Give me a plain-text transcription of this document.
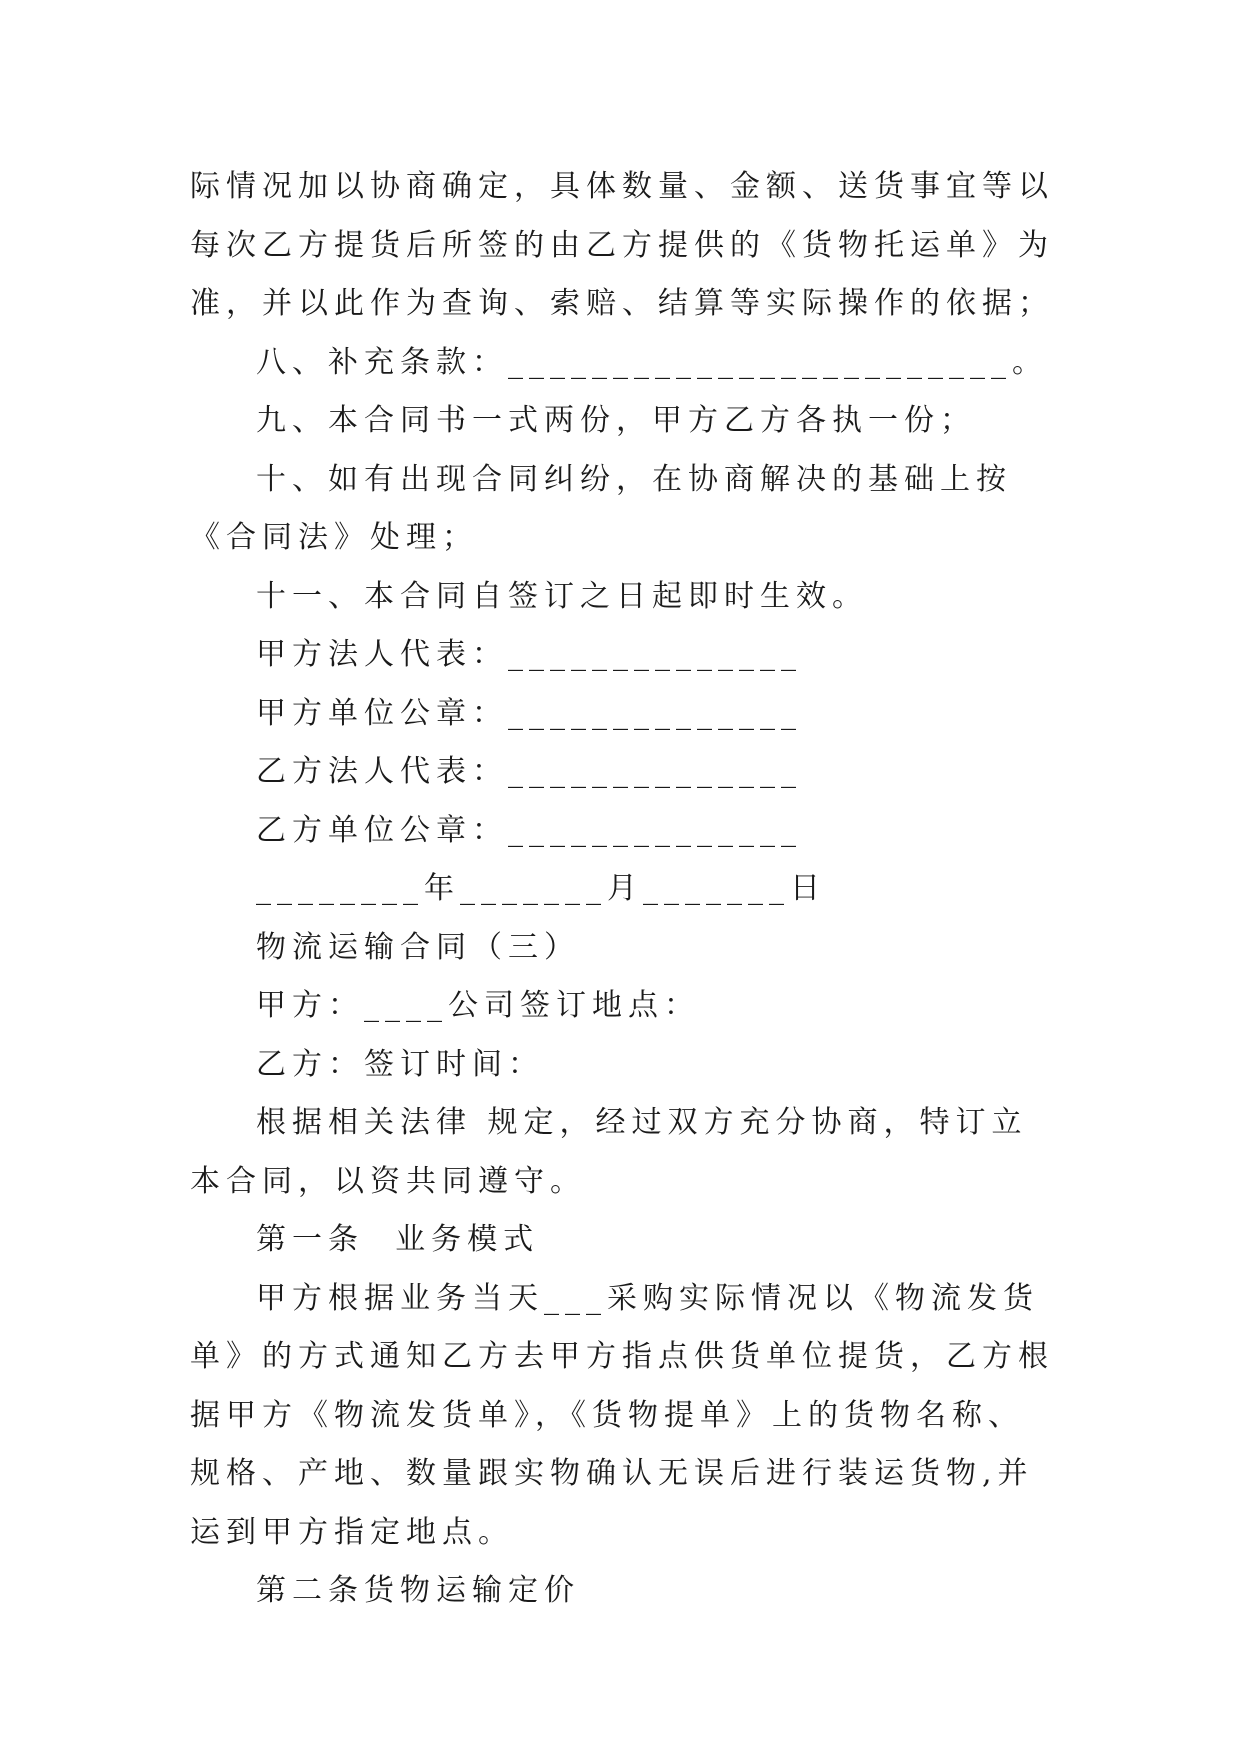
际情况加以协商确定，具体数量、金额、送货事宜等以每次乙方提货后所签的由乙方提供的《货物托运单》为准，并以此作为查询、索赔、结算等实际操作的依据；

八、补充条款：________________________。

九、本合同书一式两份，甲方乙方各执一份；

十、如有出现合同纠纷，在协商解决的基础上按《合同法》处理；

十一、本合同自签订之日起即时生效。

甲方法人代表：______________

甲方单位公章：______________

乙方法人代表：______________

乙方单位公章：______________

________年_______月_______日

物流运输合同（三）

甲方：____公司签订地点：

乙方：签订时间：

根据相关法律 规定，经过双方充分协商，特订立本合同，以资共同遵守。

第一条  业务模式

甲方根据业务当天___采购实际情况以《物流发货单》的方式通知乙方去甲方指点供货单位提货，乙方根据甲方《物流发货单》，《货物提单》上的货物名称、规格、产地、数量跟实物确认无误后进行装运货物,并运到甲方指定地点。

第二条货物运输定价
